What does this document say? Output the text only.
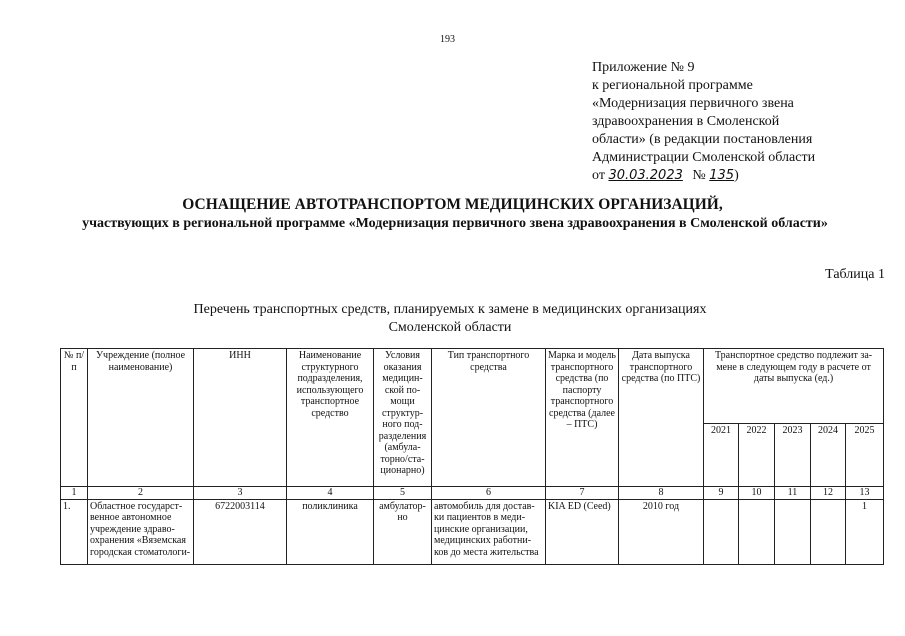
193
Приложение № 9
к региональной программе
«Модернизация первичного звена
здравоохранения в Смоленской
области» (в редакции постановления
Администрации Смоленской области
от 30.03.2023 № 135)
ОСНАЩЕНИЕ АВТОТРАНСПОРТОМ МЕДИЦИНСКИХ ОРГАНИЗАЦИЙ,
участвующих в региональной программе «Модернизация первичного звена здравоохранения в Смоленской области»
Таблица 1
Перечень транспортных средств, планируемых к замене в медицинских организациях
Смоленской области
№ п/п	Учреждение (полное наименование)	ИНН	Наименование структурного подразделения, использующего транспортное средство	Условия оказания медицин-ской по-мощи структур-ного под-разделения (амбула-торно/ста-ционарно)	Тип транспортного средства	Марка и модель транспортного средства (по паспорту транспортного средства (далее – ПТС)	Дата выпуска транспортного средства (по ПТС)	Транспортное средство подлежит за-мене в следующем году в расчете от даты выпуска (ед.)				
								2021	2022	2023	2024	2025
1	2	3	4	5	6	7	8	9	10	11	12	13
1.	Областное государст-венное автономное учреждение здраво-охранения «Вяземская городская стоматологи-	6722003114	поликлиника	амбулатор-но	автомобиль для достав-ки пациентов в меди-цинские организации, медицинских работни-ков до места жительства	KIA ED (Ceed)	2010 год					1
